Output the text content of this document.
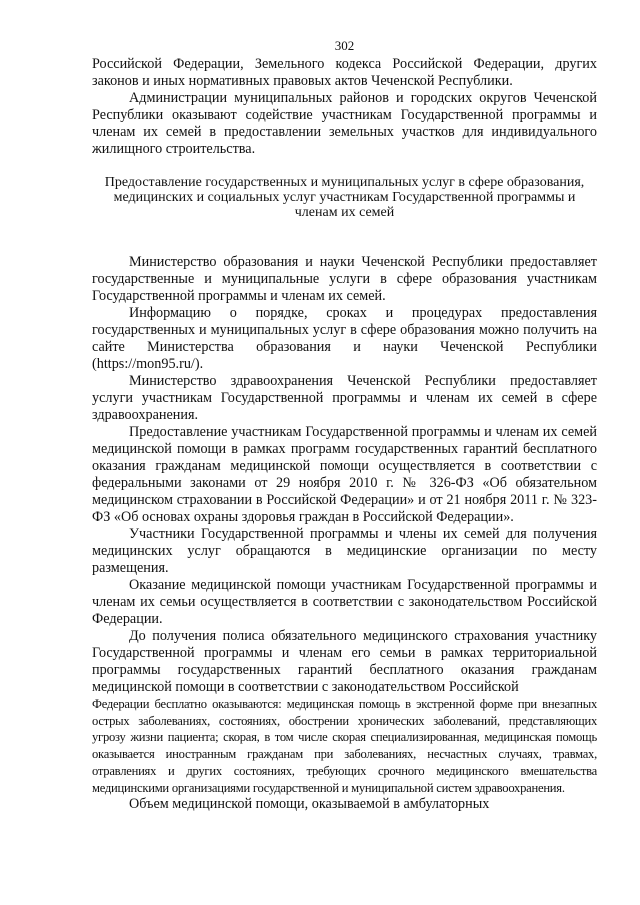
302

Российской Федерации, Земельного кодекса Российской Федерации, других законов и иных нормативных правовых актов Чеченской Республики.

Администрации муниципальных районов и городских округов Чеченской Республики оказывают содействие участникам Государственной программы и членам их семей в предоставлении земельных участков для индивидуального жилищного строительства.

Предоставление государственных и муниципальных услуг в сфере образования, медицинских и социальных услуг участникам Государственной программы и членам их семей

Министерство образования и науки Чеченской Республики предоставляет государственные и муниципальные услуги в сфере образования участникам Государственной программы и членам их семей.

Информацию о порядке, сроках и процедурах предоставления государственных и муниципальных услуг в сфере образования можно получить на сайте Министерства образования и науки Чеченской Республики (https://mon95.ru/).

Министерство здравоохранения Чеченской Республики предоставляет услуги участникам Государственной программы и членам их семей в сфере здравоохранения.

Предоставление участникам Государственной программы и членам их семей медицинской помощи в рамках программ государственных гарантий бесплатного оказания гражданам медицинской помощи осуществляется в соответствии с федеральными законами от 29 ноября 2010 г. № 326-ФЗ «Об обязательном медицинском страховании в Российской Федерации» и от 21 ноября 2011 г. № 323-ФЗ «Об основах охраны здоровья граждан в Российской Федерации».

Участники Государственной программы и члены их семей для получения медицинских услуг обращаются в медицинские организации по месту размещения.

Оказание медицинской помощи участникам Государственной программы и членам их семьи осуществляется в соответствии с законодательством Российской Федерации.

До получения полиса обязательного медицинского страхования участнику Государственной программы и членам его семьи в рамках территориальной программы государственных гарантий бесплатного оказания гражданам медицинской помощи в соответствии с законодательством Российской

Федерации бесплатно оказываются: медицинская помощь в экстренной форме при внезапных острых заболеваниях, состояниях, обострении хронических заболеваний, представляющих угрозу жизни пациента; скорая, в том числе скорая специализированная, медицинская помощь оказывается иностранным гражданам при заболеваниях, несчастных случаях, травмах, отравлениях и других состояниях, требующих срочного медицинского вмешательства медицинскими организациями государственной и муниципальной систем здравоохранения.

Объем медицинской помощи, оказываемой в амбулаторных
